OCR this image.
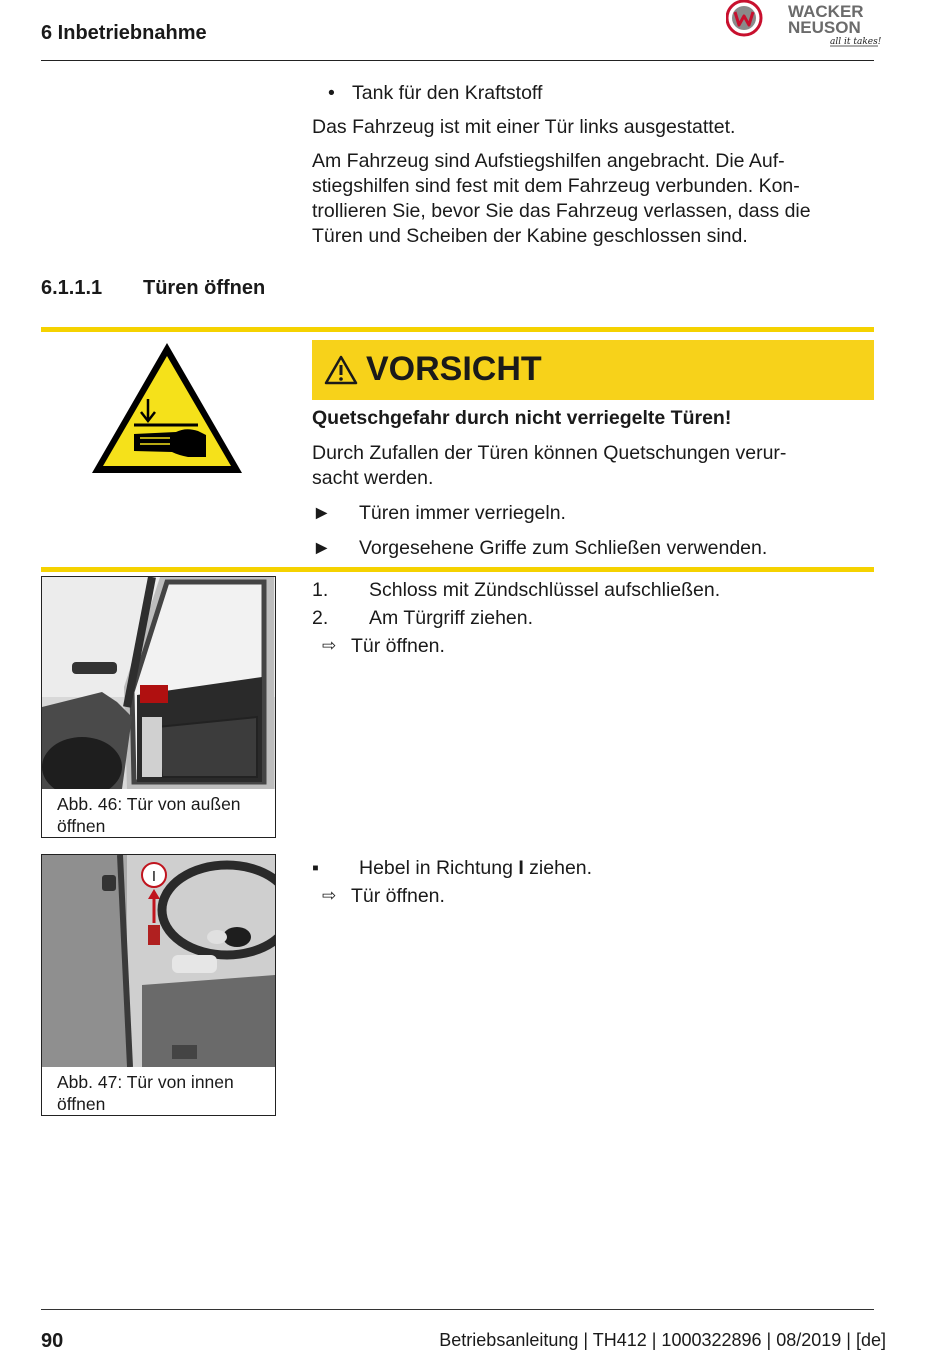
6 Inbetriebnahme
WACKER
NEUSON
all it takes!
• Tank für den Kraftstoff
Das Fahrzeug ist mit einer Tür links ausgestattet.
Am Fahrzeug sind Aufstiegshilfen angebracht. Die Auf-
stiegshilfen sind fest mit dem Fahrzeug verbunden. Kon-
trollieren Sie, bevor Sie das Fahrzeug verlassen, dass die
Türen und Scheiben der Kabine geschlossen sind.
6.1.1.1 Türen öffnen
VORSICHT
Quetschgefahr durch nicht verriegelte Türen!
Durch Zufallen der Türen können Quetschungen verur-
sacht werden.
►	Türen immer verriegeln.
►	Vorgesehene Griffe zum Schließen verwenden.
Abb. 46: Tür von außen
öffnen
1.	Schloss mit Zündschlüssel aufschließen.
2.	Am Türgriff ziehen.
⇨ Tür öffnen.
I
Abb. 47: Tür von innen
öffnen
▪	Hebel in Richtung I ziehen.
⇨ Tür öffnen.
90	Betriebsanleitung | TH412 | 1000322896 | 08/2019 | [de]
